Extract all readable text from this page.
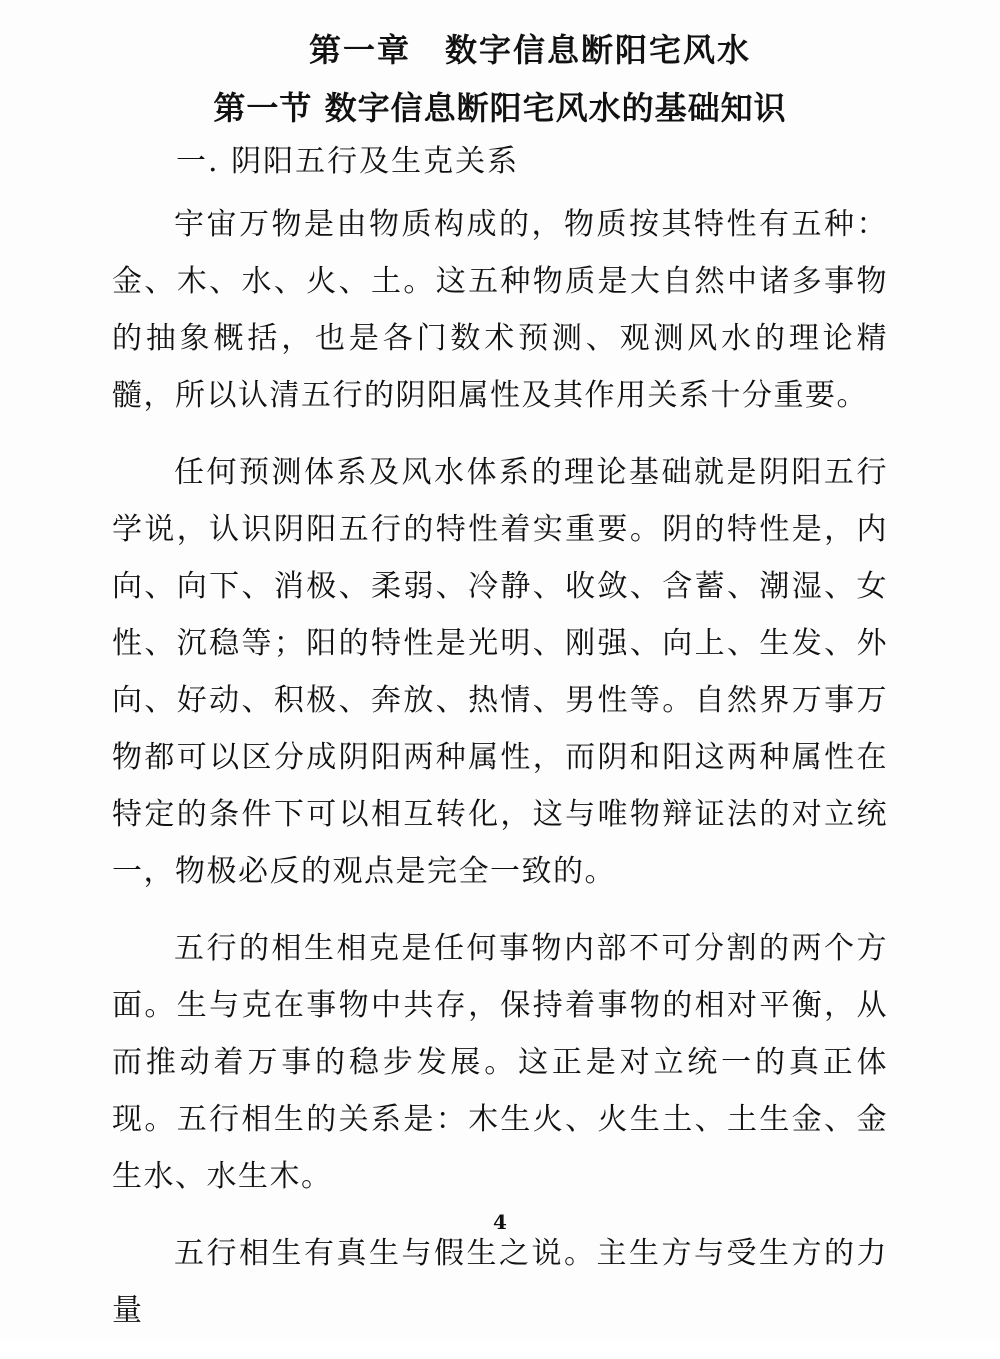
第一章　数字信息断阳宅风水
第一节 数字信息断阳宅风水的基础知识
一. 阴阳五行及生克关系

宇宙万物是由物质构成的，物质按其特性有五种：金、木、水、火、土。这五种物质是大自然中诸多事物的抽象概括，也是各门数术预测、观测风水的理论精髓，所以认清五行的阴阳属性及其作用关系十分重要。

任何预测体系及风水体系的理论基础就是阴阳五行学说，认识阴阳五行的特性着实重要。阴的特性是，内向、向下、消极、柔弱、冷静、收敛、含蓄、潮湿、女性、沉稳等；阳的特性是光明、刚强、向上、生发、外向、好动、积极、奔放、热情、男性等。自然界万事万物都可以区分成阴阳两种属性，而阴和阳这两种属性在特定的条件下可以相互转化，这与唯物辩证法的对立统一，物极必反的观点是完全一致的。

五行的相生相克是任何事物内部不可分割的两个方面。生与克在事物中共存，保持着事物的相对平衡，从而推动着万事的稳步发展。这正是对立统一的真正体现。五行相生的关系是：木生火、火生土、土生金、金生水、水生木。

五行相生有真生与假生之说。主生方与受生方的力量

4
